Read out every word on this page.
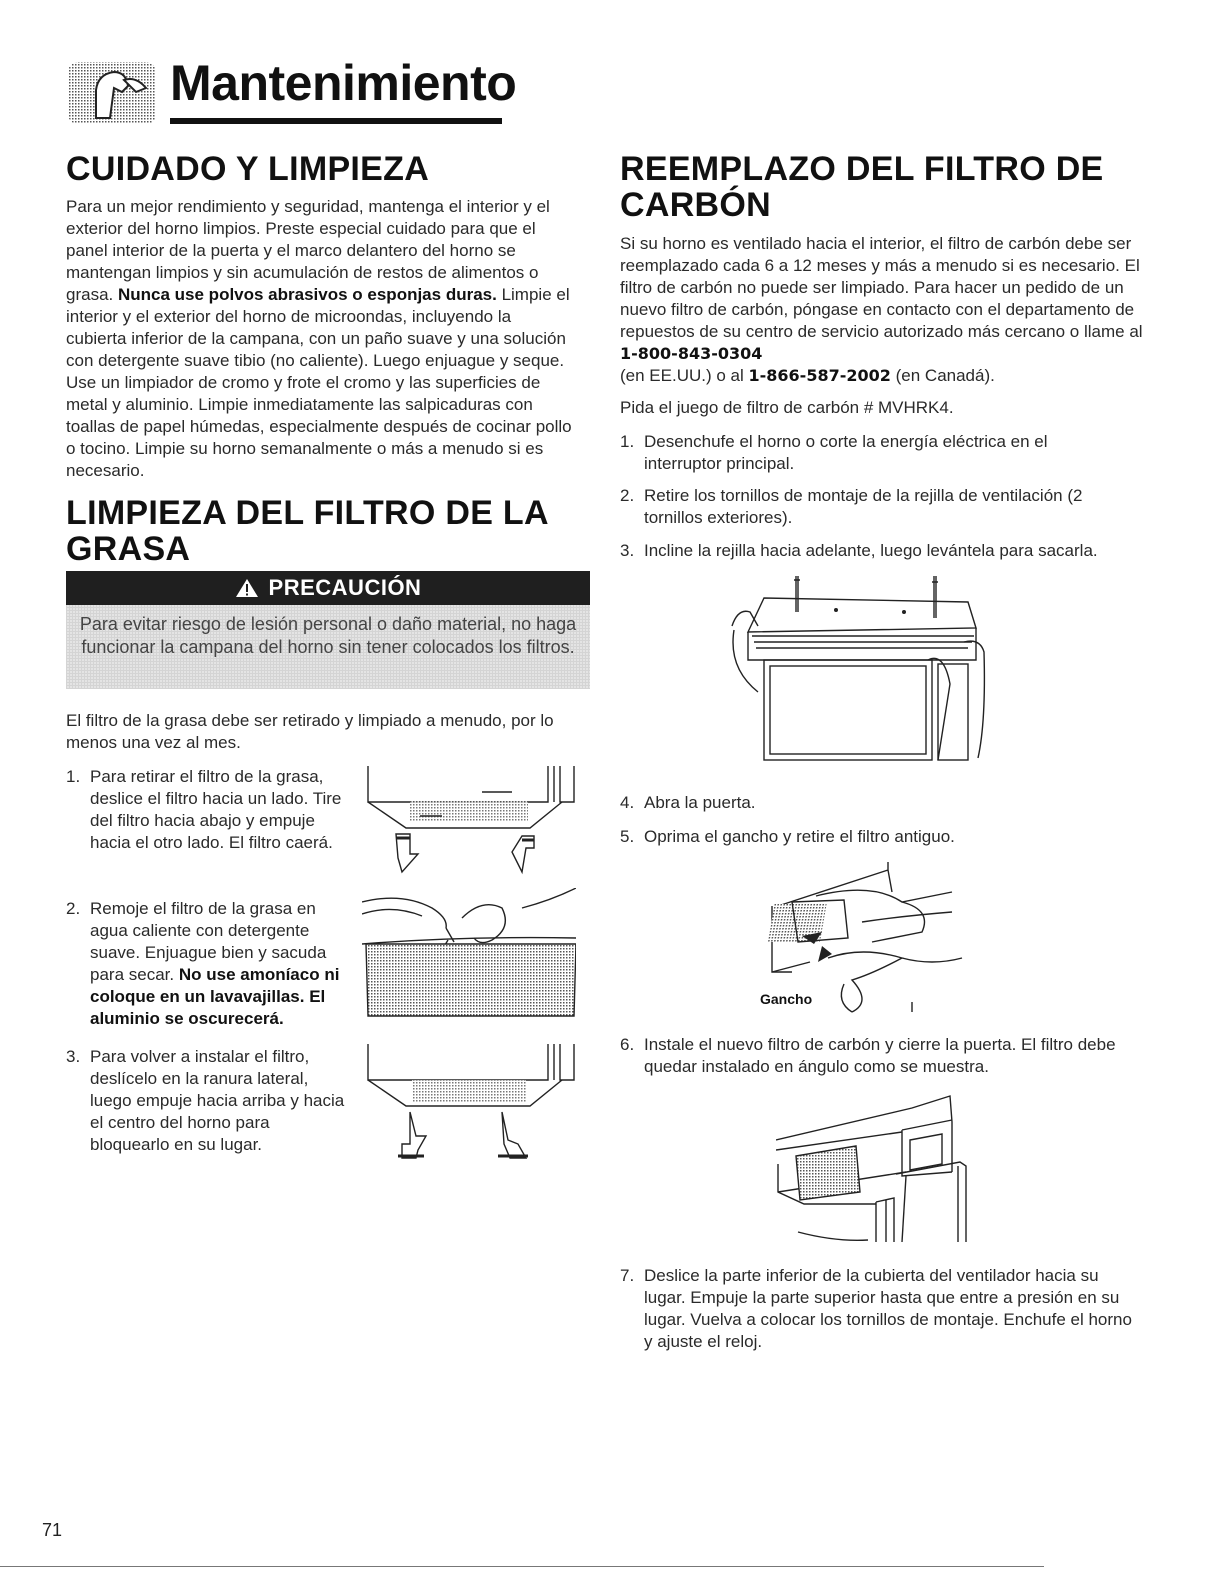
Mantenimiento
CUIDADO Y LIMPIEZA
Para un mejor rendimiento y seguridad, mantenga el interior y el exterior del horno limpios. Preste especial cuidado para que el panel interior de la puerta y el marco delantero del horno se mantengan limpios y sin acumulación de restos de alimentos o grasa. Nunca use polvos abrasivos o esponjas duras. Limpie el interior y el exterior del horno de microondas, incluyendo la cubierta inferior de la campana, con un paño suave y una solución con detergente suave tibio (no caliente). Luego enjuague y seque. Use un limpiador de cromo y frote el cromo y las superficies de metal y aluminio. Limpie inmediatamente las salpicaduras con toallas de papel húmedas, especialmente después de cocinar pollo o tocino. Limpie su horno semanalmente o más a menudo si es necesario.
LIMPIEZA DEL FILTRO DE LA
GRASA
PRECAUCIÓN
Para evitar riesgo de lesión personal o daño material, no haga
funcionar la campana del horno sin tener colocados los filtros.
El filtro de la grasa debe ser retirado y limpiado a menudo, por lo menos una vez al mes.
1. Para retirar el filtro de la grasa, deslice el filtro hacia un lado. Tire del filtro hacia abajo y empuje hacia el otro lado. El filtro caerá.
2. Remoje el filtro de la grasa en agua caliente con detergente suave. Enjuague bien y sacuda para secar. No use amoníaco ni coloque en un lavavajillas. El aluminio se oscurecerá.
3. Para volver a instalar el filtro, deslícelo en la ranura lateral, luego empuje hacia arriba y hacia el centro del horno para bloquearlo en su lugar.
REEMPLAZO DEL FILTRO DE
CARBÓN
Si su horno es ventilado hacia el interior, el filtro de carbón debe ser reemplazado cada 6 a 12 meses y más a menudo si es necesario. El filtro de carbón no puede ser limpiado. Para hacer un pedido de un nuevo filtro de carbón, póngase en contacto con el departamento de repuestos de su centro de servicio autorizado más cercano o llame al 1-800-843-0304
(en EE.UU.) o al 1-866-587-2002 (en Canadá).
Pida el juego de filtro de carbón # MVHRK4.
1. Desenchufe el horno o corte la energía eléctrica en el interruptor principal.
2. Retire los tornillos de montaje de la rejilla de ventilación (2 tornillos exteriores).
3. Incline la rejilla hacia adelante, luego levántela para sacarla.
4. Abra la puerta.
5. Oprima el gancho y retire el filtro antiguo.
Gancho
6. Instale el nuevo filtro de carbón y cierre la puerta. El filtro debe quedar instalado en ángulo como se muestra.
7. Deslice la parte inferior de la cubierta del ventilador hacia su lugar. Empuje la parte superior hasta que entre a presión en su lugar. Vuelva a colocar los tornillos de montaje. Enchufe el horno y ajuste el reloj.
71
